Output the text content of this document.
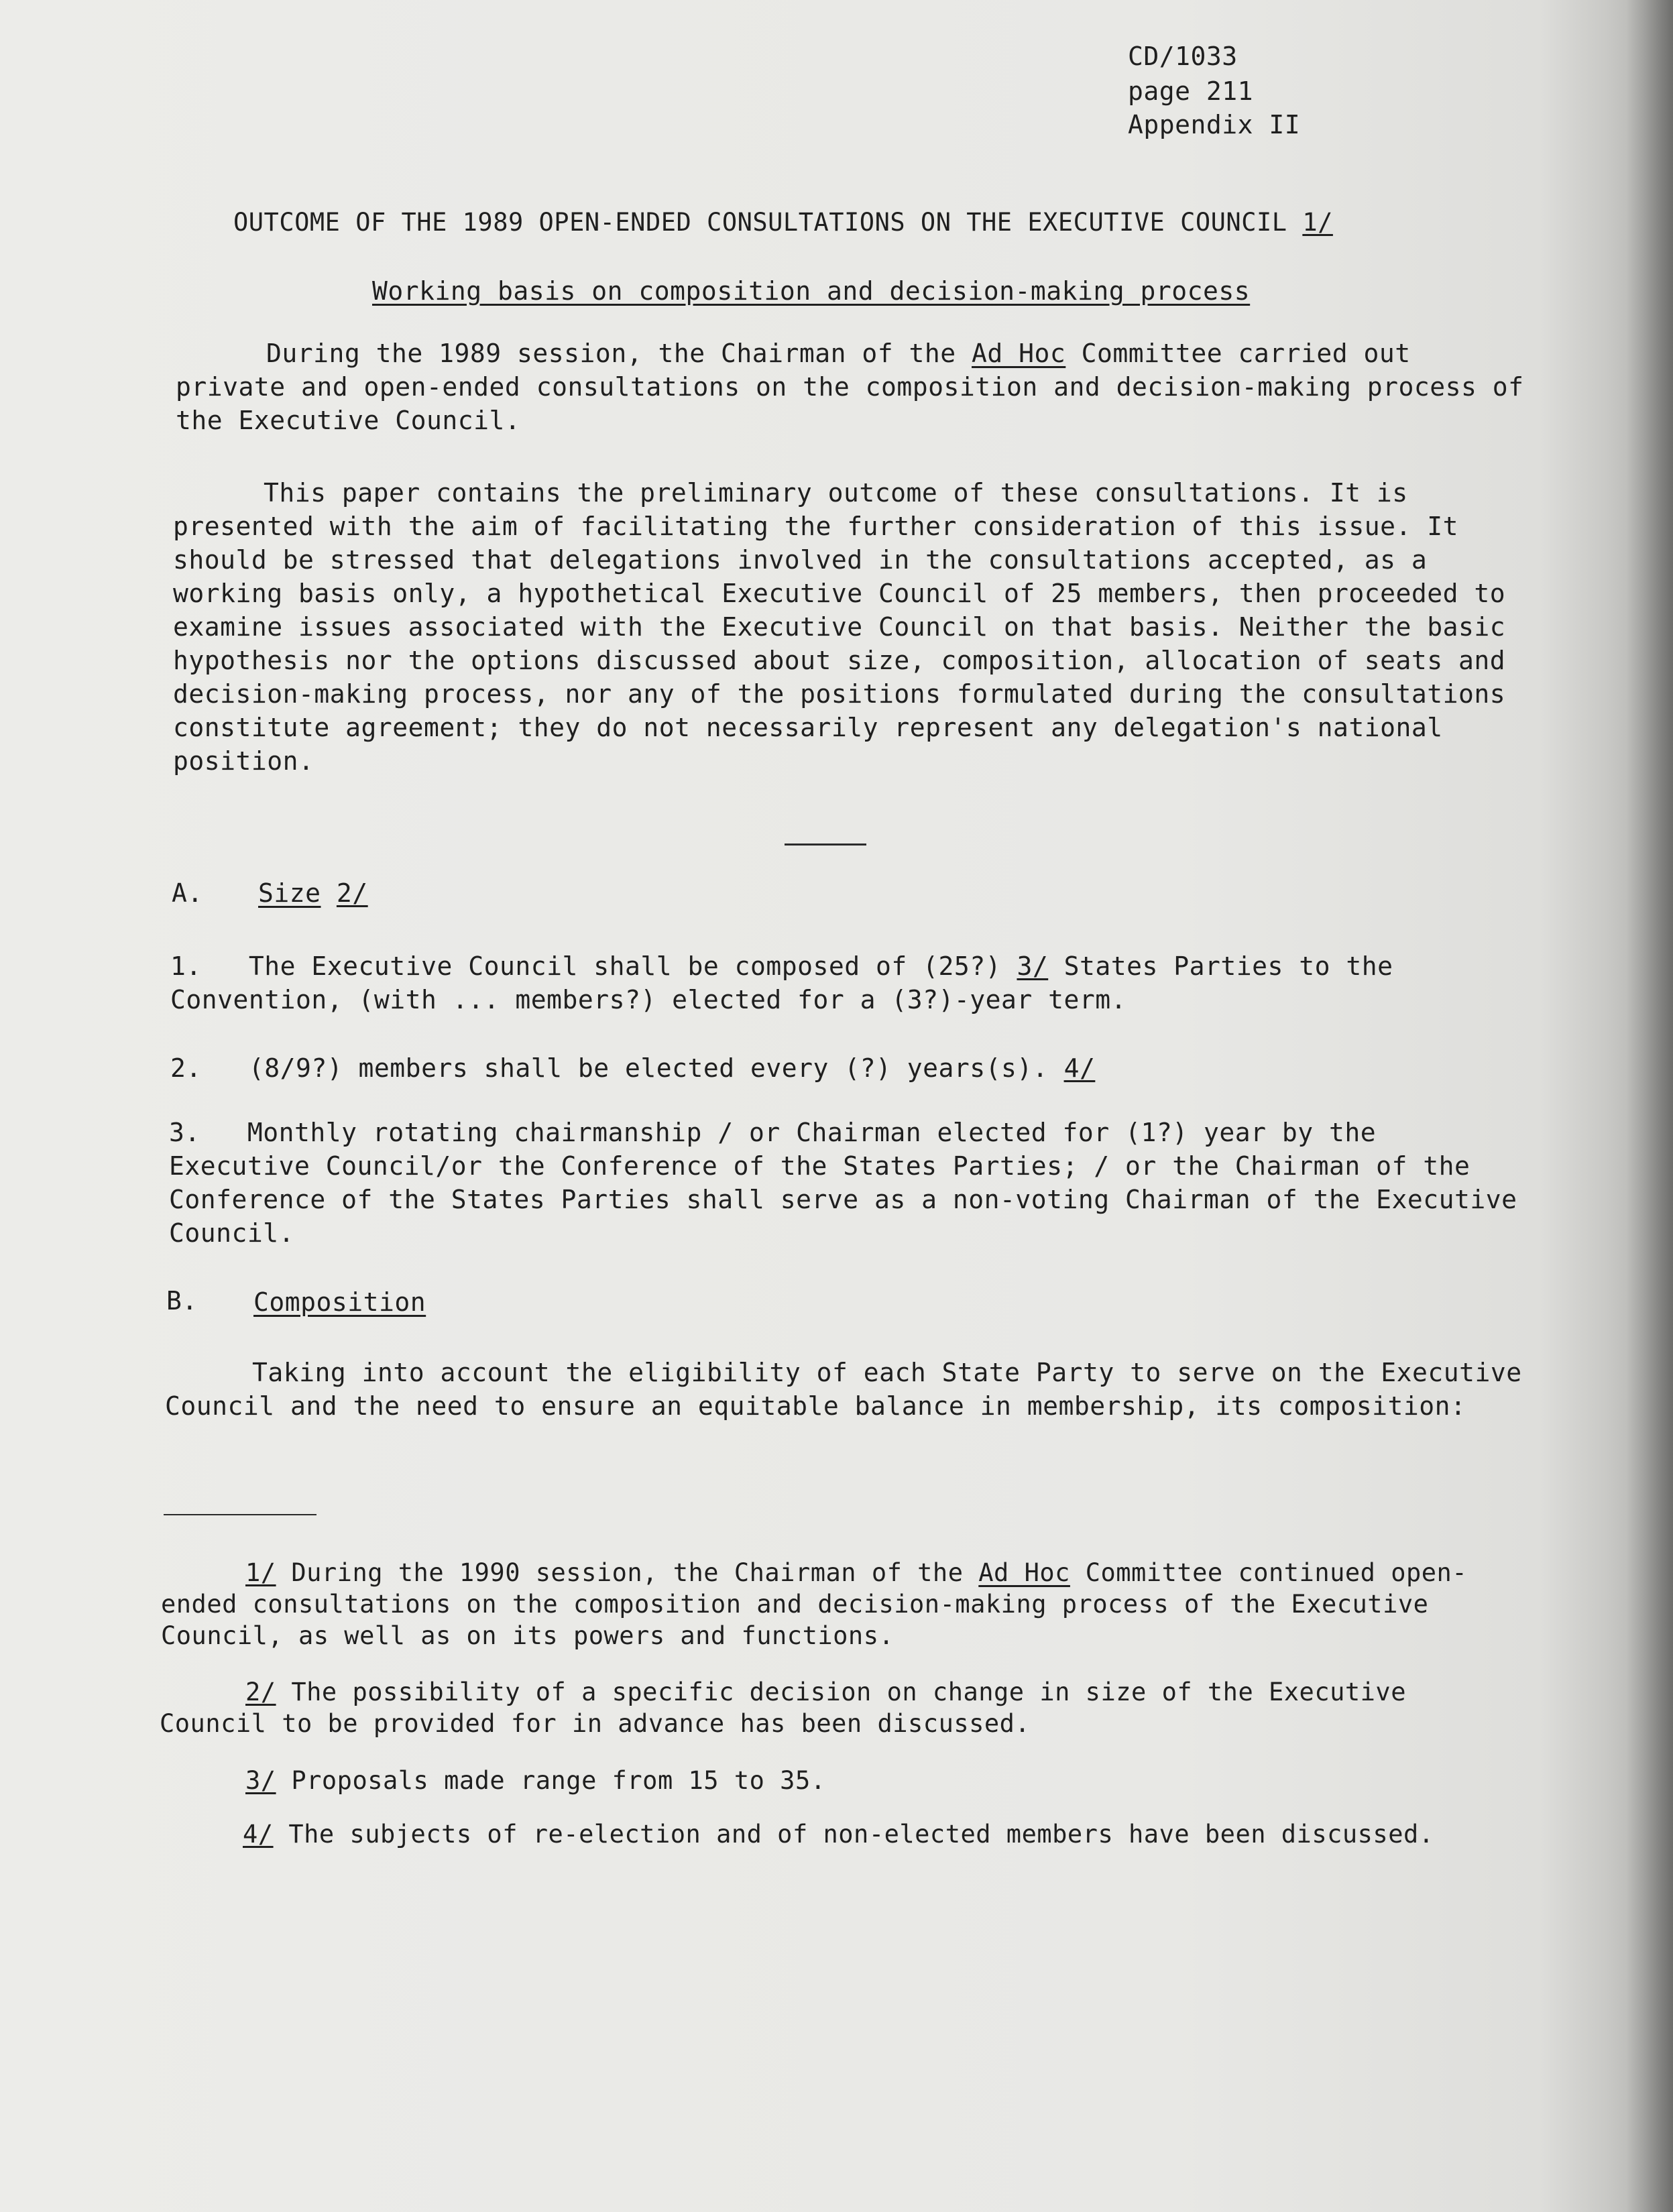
CD/1033
page 211
Appendix II
OUTCOME OF THE 1989 OPEN-ENDED CONSULTATIONS ON THE EXECUTIVE COUNCIL 1/
Working basis on composition and decision-making process
During the 1989 session, the Chairman of the Ad Hoc Committee carried out private and open-ended consultations on the composition and decision-making process of the Executive Council.
This paper contains the preliminary outcome of these consultations. It is presented with the aim of facilitating the further consideration of this issue. It should be stressed that delegations involved in the consultations accepted, as a working basis only, a hypothetical Executive Council of 25 members, then proceeded to examine issues associated with the Executive Council on that basis. Neither the basic hypothesis nor the options discussed about size, composition, allocation of seats and decision-making process, nor any of the positions formulated during the consultations constitute agreement; they do not necessarily represent any delegation's national position.
A. Size 2/
1. The Executive Council shall be composed of (25?) 3/ States Parties to the Convention, (with ... members?) elected for a (3?)-year term.
2. (8/9?) members shall be elected every (?) years(s). 4/
3. Monthly rotating chairmanship / or Chairman elected for (1?) year by the Executive Council/or the Conference of the States Parties; / or the Chairman of the Conference of the States Parties shall serve as a non-voting Chairman of the Executive Council.
B. Composition
Taking into account the eligibility of each State Party to serve on the Executive Council and the need to ensure an equitable balance in membership, its composition:
1/ During the 1990 session, the Chairman of the Ad Hoc Committee continued open-ended consultations on the composition and decision-making process of the Executive Council, as well as on its powers and functions.
2/ The possibility of a specific decision on change in size of the Executive Council to be provided for in advance has been discussed.
3/ Proposals made range from 15 to 35.
4/ The subjects of re-election and of non-elected members have been discussed.
